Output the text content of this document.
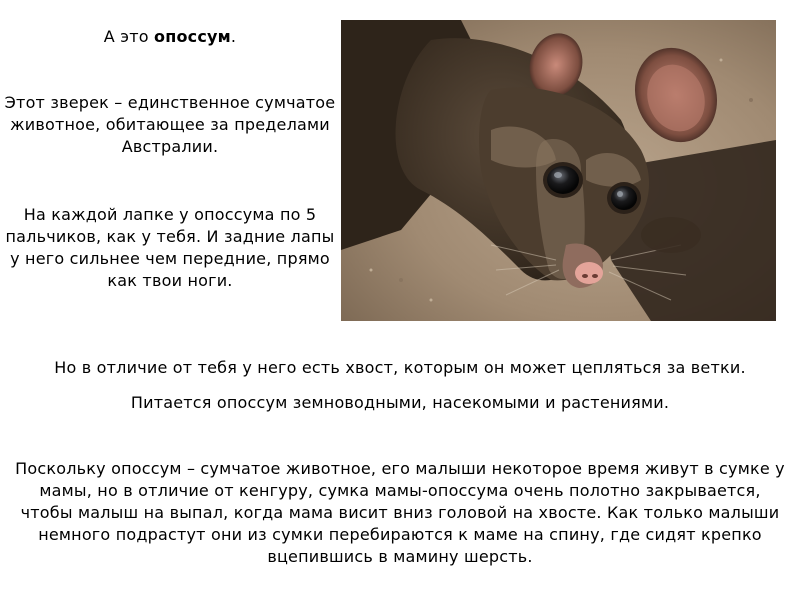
А это опоссум.
Этот зверек – единственное сумчатое животное, обитающее за пределами Австралии.
На каждой лапке у опоссума по 5 пальчиков, как у тебя. И задние лапы у него сильнее чем передние, прямо как твои ноги.
Но в отличие от тебя у него есть хвост, которым он может цепляться за ветки.
Питается опоссум земноводными, насекомыми и растениями.
Поскольку опоссум – сумчатое животное, его малыши некоторое время живут в сумке у мамы, но в отличие от кенгуру, сумка мамы-опоссума очень полотно закрывается, чтобы малыш на выпал, когда мама висит вниз головой на хвосте. Как только малыши немного подрастут они из сумки перебираются к маме на спину, где сидят крепко вцепившись в мамину шерсть.
